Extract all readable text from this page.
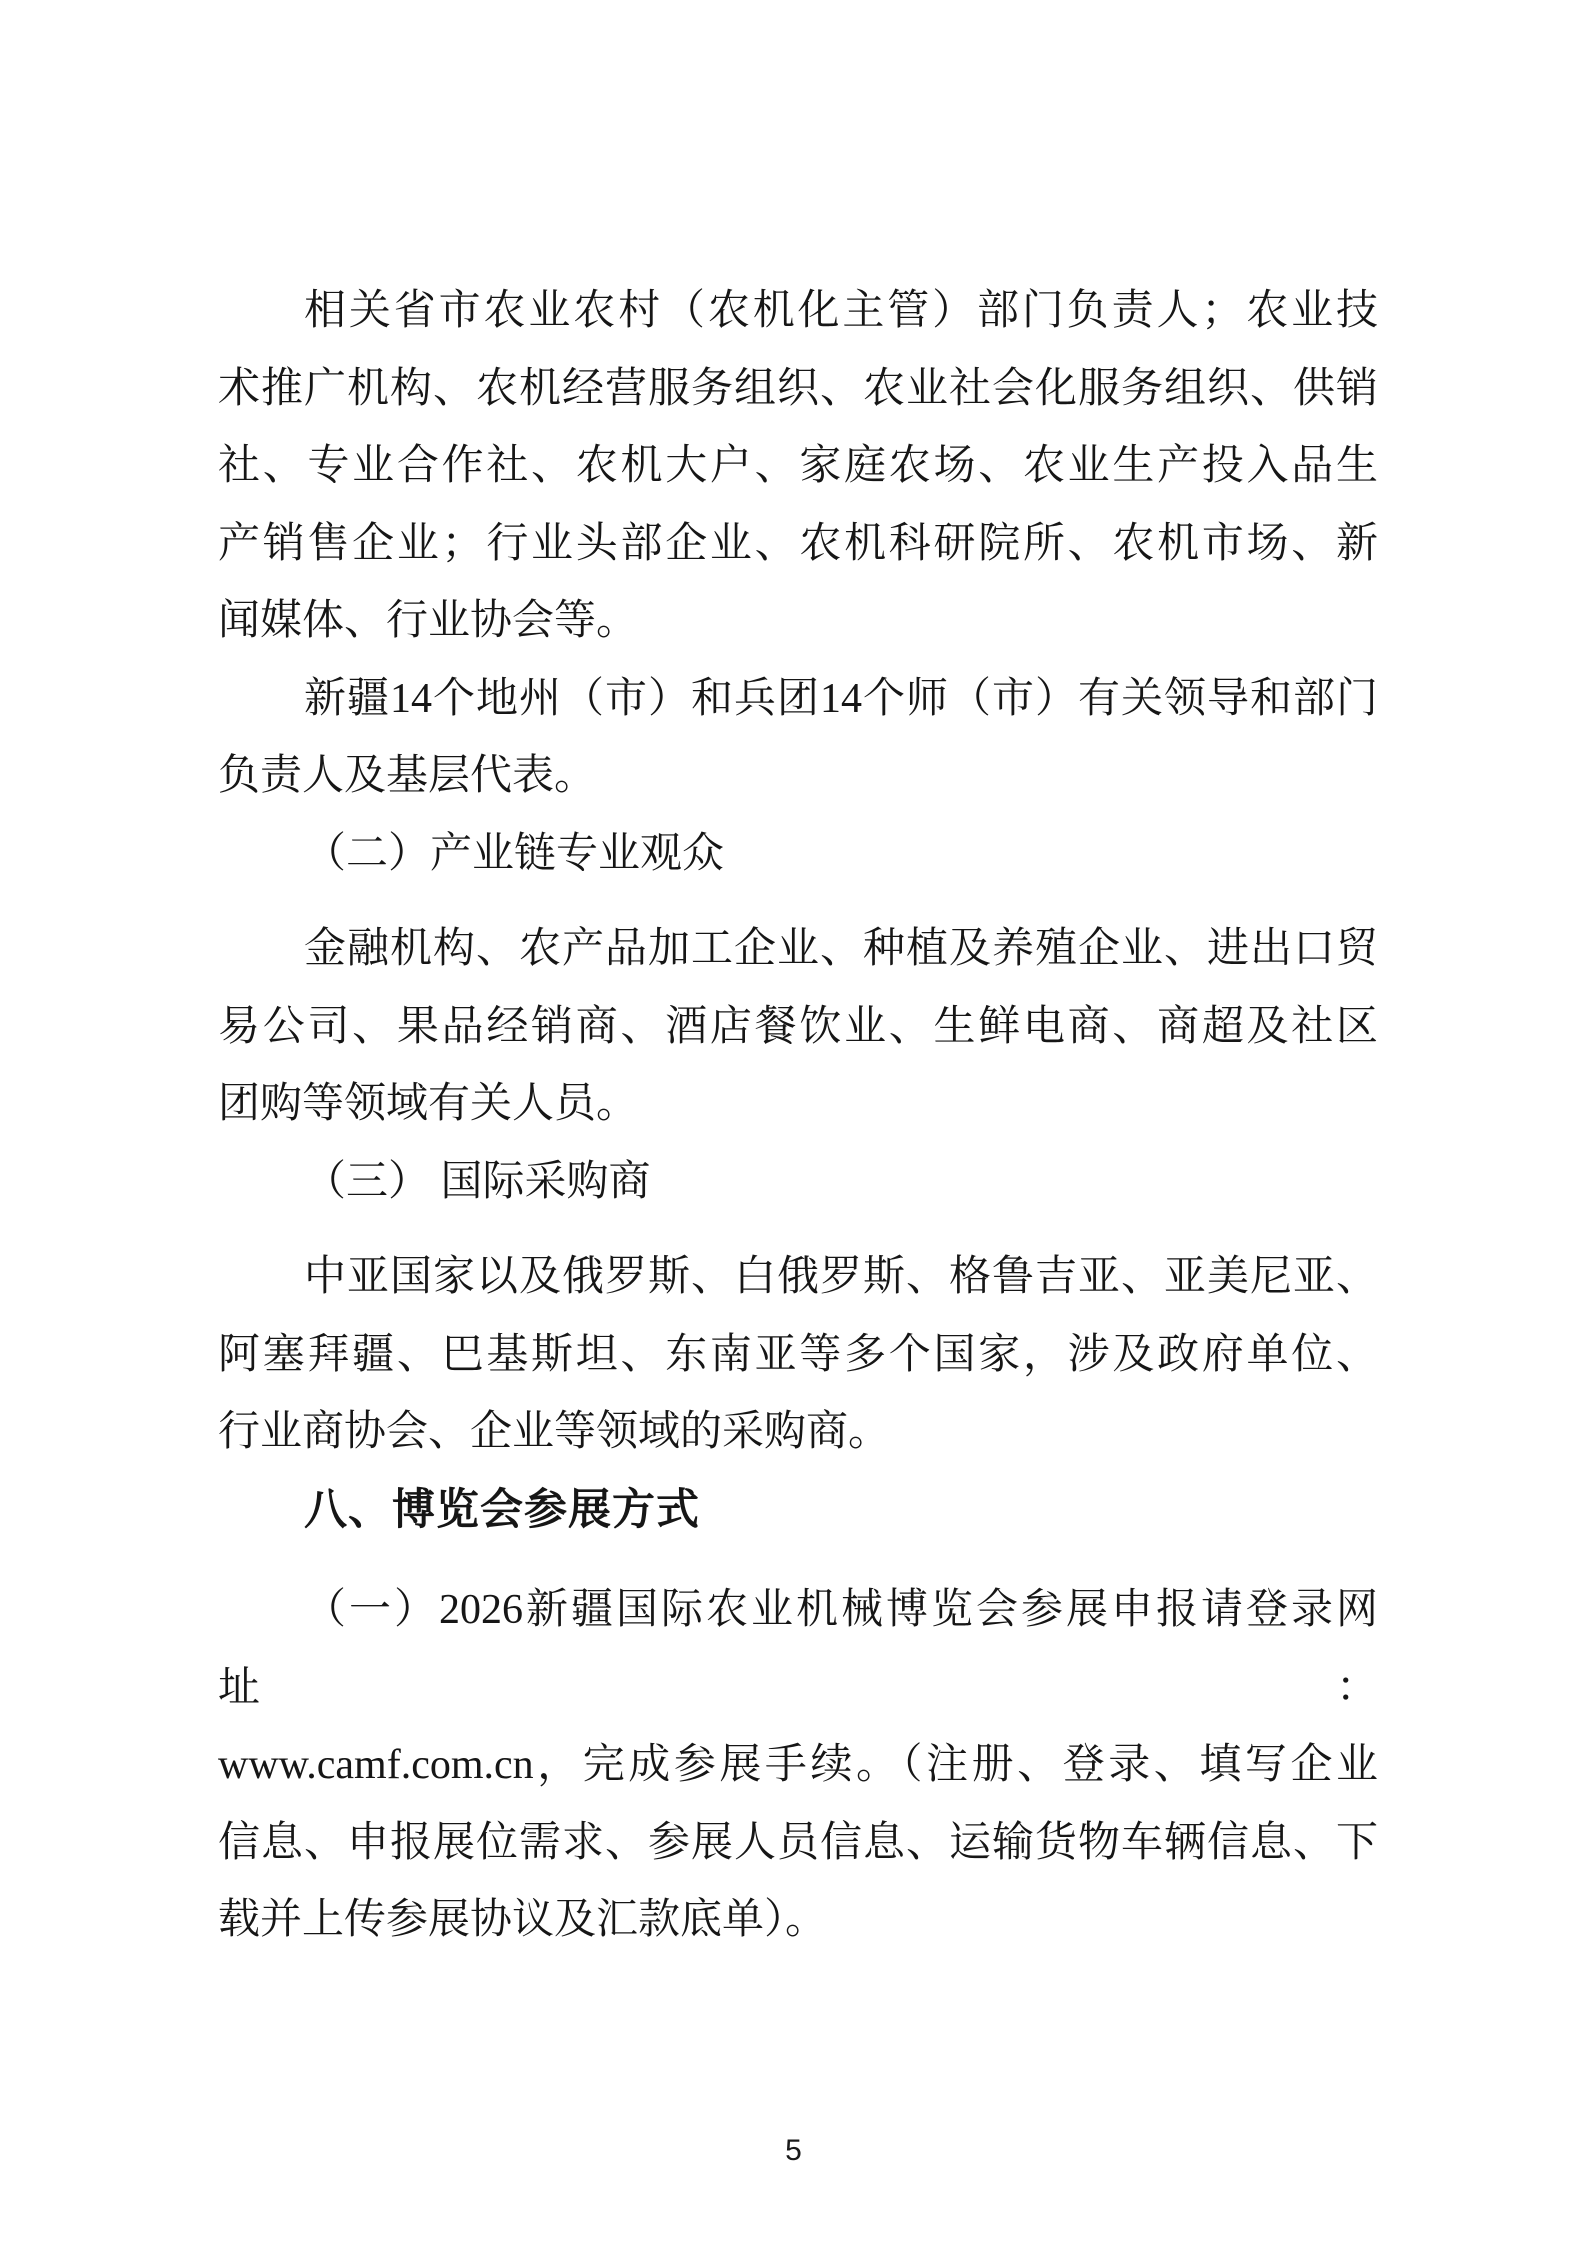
相关省市农业农村（农机化主管）部门负责人；农业技
术推广机构、农机经营服务组织、农业社会化服务组织、供销
社、专业合作社、农机大户、家庭农场、农业生产投入品生
产销售企业；行业头部企业、农机科研院所、农机市场、新
闻媒体、行业协会等。

新疆14个地州（市）和兵团14个师（市）有关领导和部门
负责人及基层代表。

（二）产业链专业观众

金融机构、农产品加工企业、种植及养殖企业、进出口贸
易公司、果品经销商、酒店餐饮业、生鲜电商、商超及社区
团购等领域有关人员。

（三） 国际采购商

中亚国家以及俄罗斯、白俄罗斯、格鲁吉亚、亚美尼亚、
阿塞拜疆、巴基斯坦、东南亚等多个国家，涉及政府单位、
行业商协会、企业等领域的采购商。

八、博览会参展方式

（一）2026新疆国际农业机械博览会参展申报请登录网址：
www.camf.com.cn，完成参展手续。（注册、登录、填写企业
信息、申报展位需求、参展人员信息、运输货物车辆信息、下
载并上传参展协议及汇款底单）。

5
